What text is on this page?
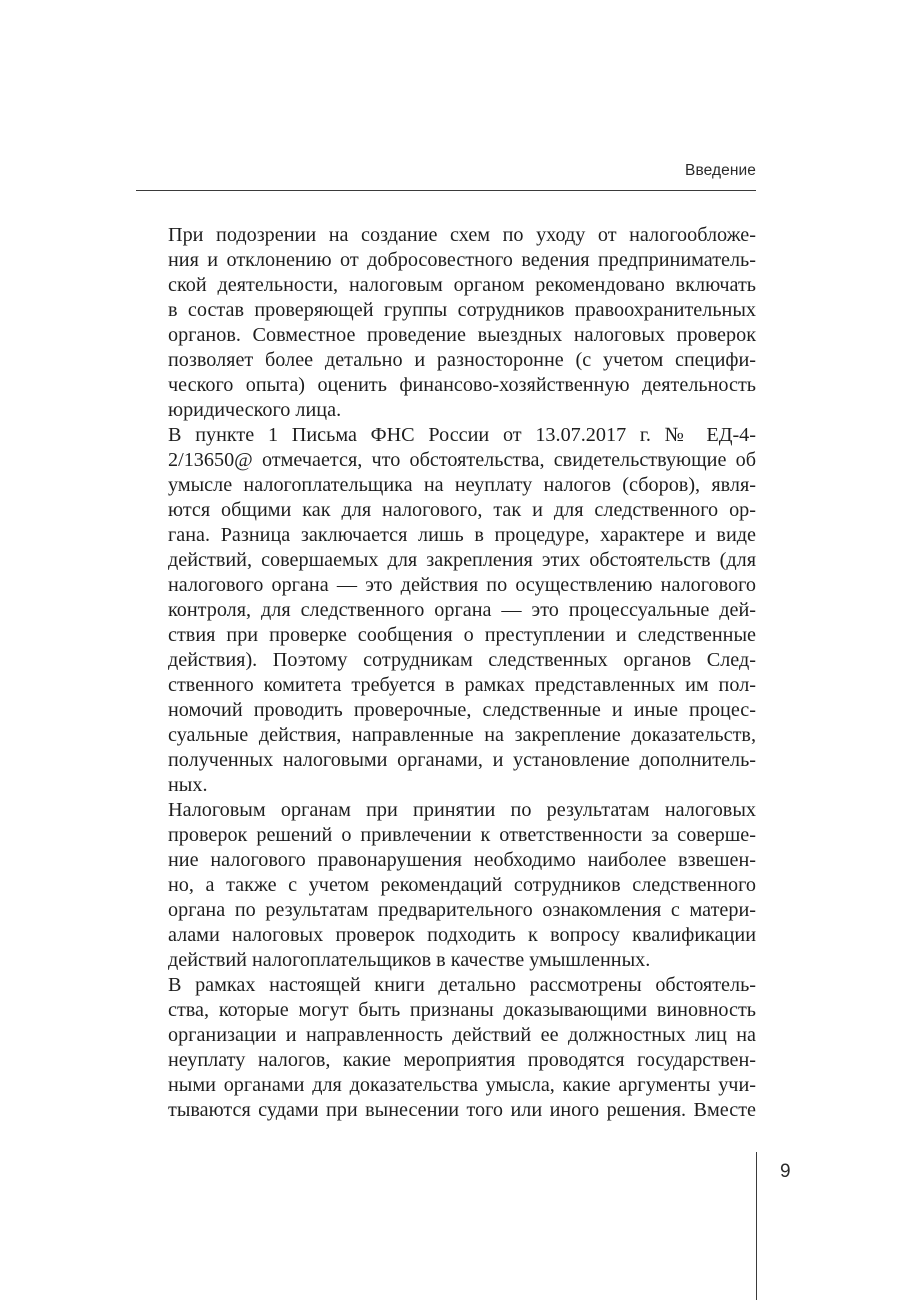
Введение

При подозрении на создание схем по уходу от налогообложе-
ния и отклонению от добросовестного ведения предприниматель-
ской деятельности, налоговым органом рекомендовано включать
в состав проверяющей группы сотрудников правоохранительных
органов. Совместное проведение выездных налоговых проверок
позволяет более детально и разносторонне (с учетом специфи-
ческого опыта) оценить финансово-хозяйственную деятельность
юридического лица.

В пункте 1 Письма ФНС России от 13.07.2017 г. № ЕД-4-
2/13650@ отмечается, что обстоятельства, свидетельствующие об
умысле налогоплательщика на неуплату налогов (сборов), явля-
ются общими как для налогового, так и для следственного ор-
гана. Разница заключается лишь в процедуре, характере и виде
действий, совершаемых для закрепления этих обстоятельств (для
налогового органа — это действия по осуществлению налогового
контроля, для следственного органа — это процессуальные дей-
ствия при проверке сообщения о преступлении и следственные
действия). Поэтому сотрудникам следственных органов След-
ственного комитета требуется в рамках представленных им пол-
номочий проводить проверочные, следственные и иные процес-
суальные действия, направленные на закрепление доказательств,
полученных налоговыми органами, и установление дополнитель-
ных.

Налоговым органам при принятии по результатам налоговых
проверок решений о привлечении к ответственности за соверше-
ние налогового правонарушения необходимо наиболее взвешен-
но, а также с учетом рекомендаций сотрудников следственного
органа по результатам предварительного ознакомления с матери-
алами налоговых проверок подходить к вопросу квалификации
действий налогоплательщиков в качестве умышленных.

В рамках настоящей книги детально рассмотрены обстоятель-
ства, которые могут быть признаны доказывающими виновность
организации и направленность действий ее должностных лиц на
неуплату налогов, какие мероприятия проводятся государствен-
ными органами для доказательства умысла, какие аргументы учи-
тываются судами при вынесении того или иного решения. Вместе

9
